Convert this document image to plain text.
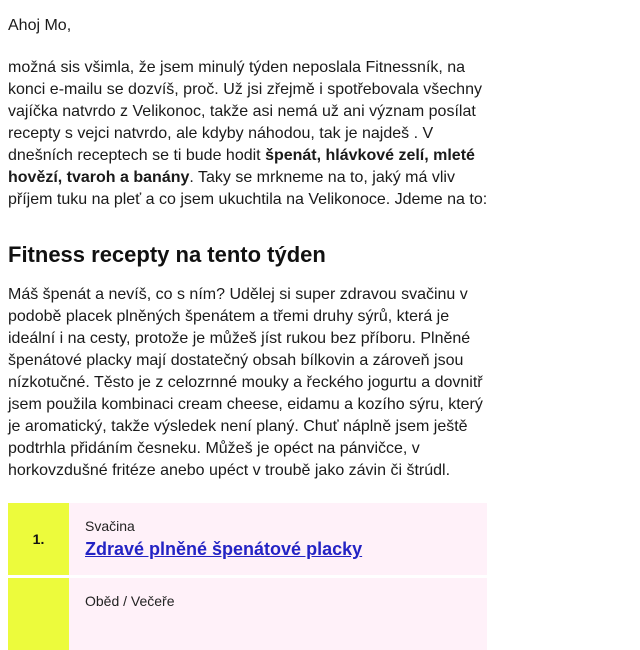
Ahoj Mo,

možná sis všimla, že jsem minulý týden neposlala Fitnessník, na konci e-mailu se dozvíš, proč. Už jsi zřejmě i spotřebovala všechny vajíčka natvrdo z Velikonoc, takže asi nemá už ani význam posílat recepty s vejci natvrdo, ale kdyby náhodou, tak je najdeš . V dnešních receptech se ti bude hodit špenát, hlávkové zelí, mleté hovězí, tvaroh a banány. Taky se mrkneme na to, jaký má vliv příjem tuku na pleť a co jsem ukuchtila na Velikonoce. Jdeme na to:

Fitness recepty na tento týden

Máš špenát a nevíš, co s ním? Udělej si super zdravou svačinu v podobě placek plněných špenátem a třemi druhy sýrů, která je ideální i na cesty, protože je můžeš jíst rukou bez příboru. Plněné špenátové placky mají dostatečný obsah bílkovin a zároveň jsou nízkotučné. Těsto je z celozrnné mouky a řeckého jogurtu a dovnitř jsem použila kombinaci cream cheese, eidamu a kozího sýru, který je aromatický, takže výsledek není planý. Chuť náplně jsem ještě podtrhla přidáním česneku. Můžeš je opéct na pánvičce, v horkovzdušné fritéze anebo upéct v troubě jako závin či štrúdl.

1.
Svačina
Zdravé plněné špenátové placky
Oběd / Večeře
